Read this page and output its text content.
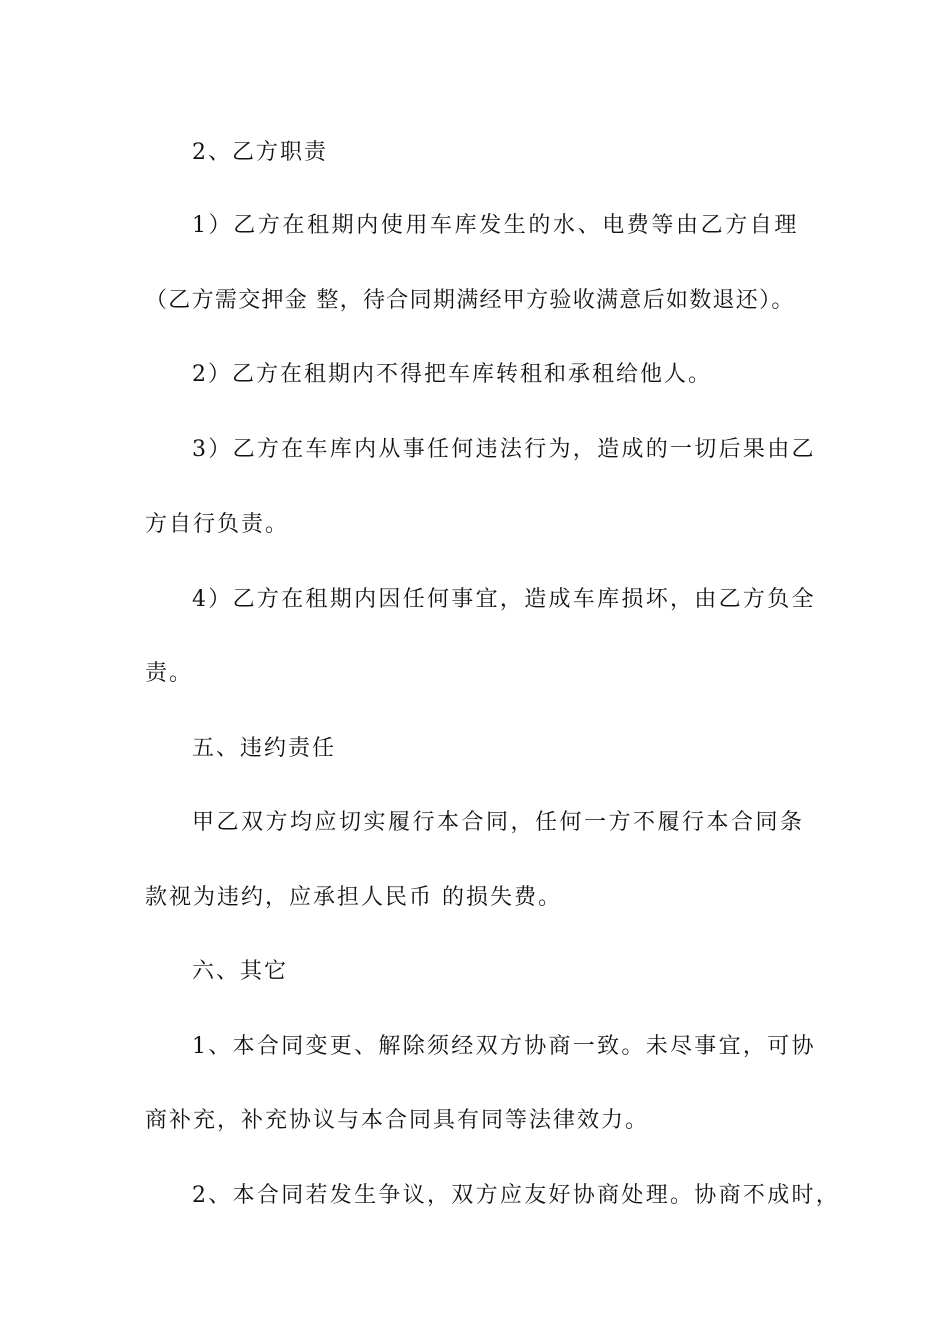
2、乙方职责
1）乙方在租期内使用车库发生的水、电费等由乙方自理
（乙方需交押金 整，待合同期满经甲方验收满意后如数退还）。
2）乙方在租期内不得把车库转租和承租给他人。
3）乙方在车库内从事任何违法行为，造成的一切后果由乙
方自行负责。
4）乙方在租期内因任何事宜，造成车库损坏，由乙方负全
责。
五、违约责任
甲乙双方均应切实履行本合同，任何一方不履行本合同条
款视为违约，应承担人民币 的损失费。
六、其它
1、本合同变更、解除须经双方协商一致。未尽事宜，可协
商补充，补充协议与本合同具有同等法律效力。
2、本合同若发生争议，双方应友好协商处理。协商不成时，
